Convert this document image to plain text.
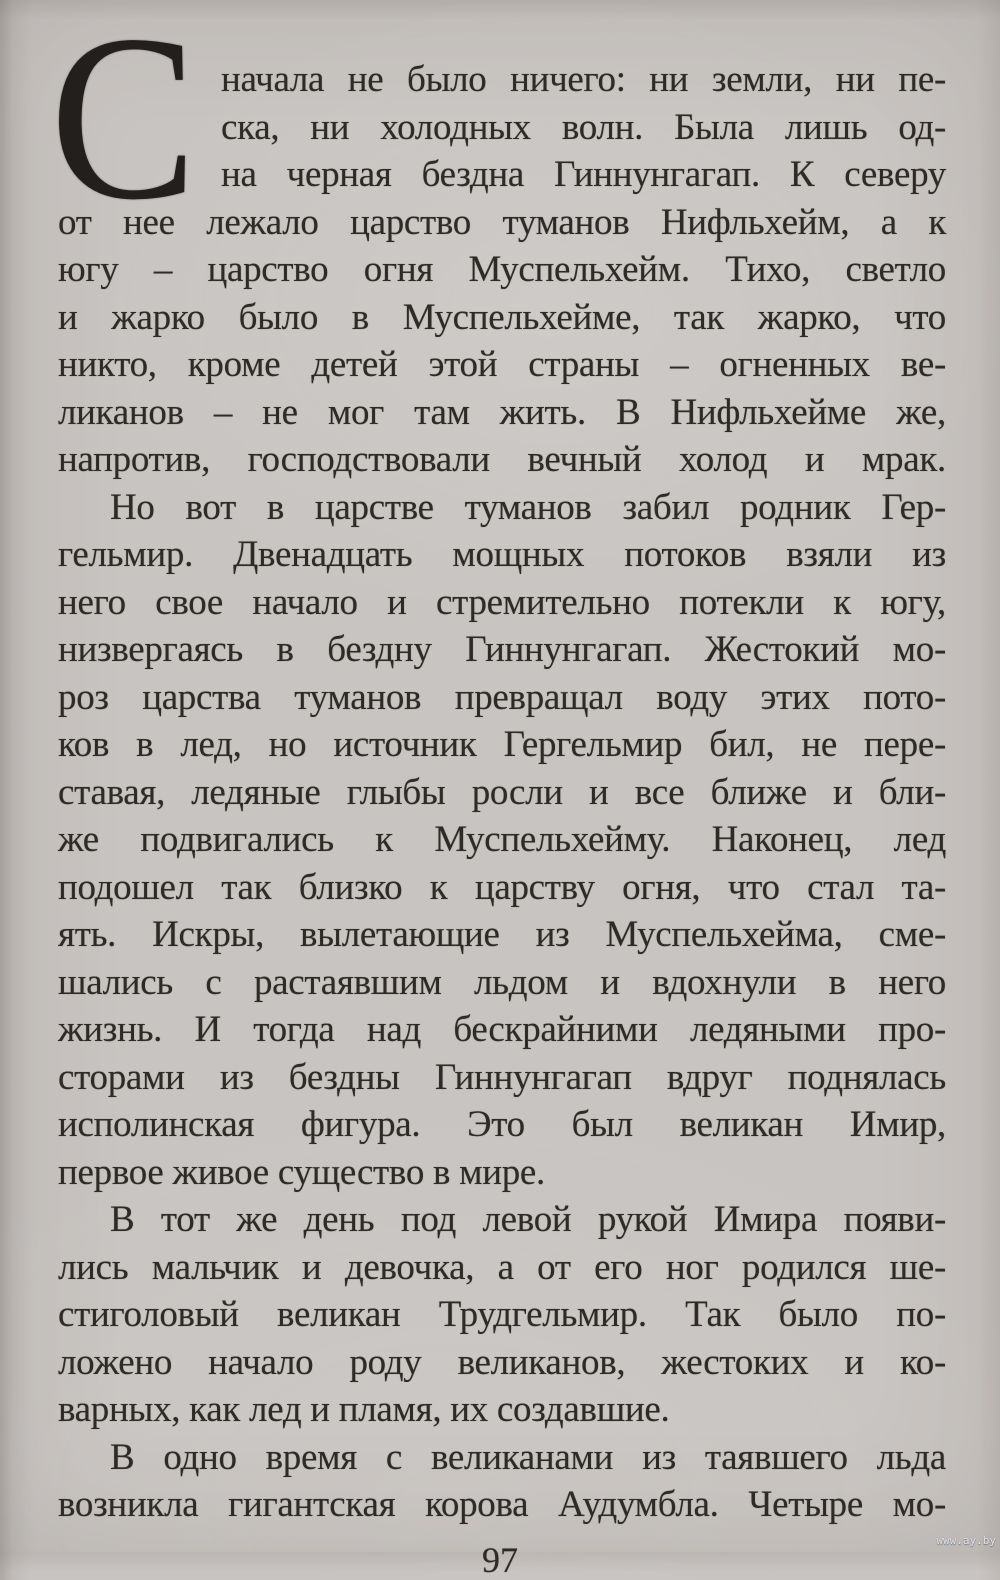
С начала не было ничего: ни земли, ни пе-
ска, ни холодных волн. Была лишь од-
на черная бездна Гиннунгагап. К северу
от нее лежало царство туманов Нифльхейм, а к
югу – царство огня Муспельхейм. Тихо, светло
и жарко было в Муспельхейме, так жарко, что
никто, кроме детей этой страны – огненных ве-
ликанов – не мог там жить. В Нифльхейме же,
напротив, господствовали вечный холод и мрак.
Но вот в царстве туманов забил родник Гер-
гельмир. Двенадцать мощных потоков взяли из
него свое начало и стремительно потекли к югу,
низвергаясь в бездну Гиннунгагап. Жестокий мо-
роз царства туманов превращал воду этих пото-
ков в лед, но источник Гергельмир бил, не пере-
ставая, ледяные глыбы росли и все ближе и бли-
же подвигались к Муспельхейму. Наконец, лед
подошел так близко к царству огня, что стал та-
ять. Искры, вылетающие из Муспельхейма, сме-
шались с растаявшим льдом и вдохнули в него
жизнь. И тогда над бескрайними ледяными про-
сторами из бездны Гиннунгагап вдруг поднялась
исполинская фигура. Это был великан Имир,
первое живое существо в мире.
В тот же день под левой рукой Имира появи-
лись мальчик и девочка, а от его ног родился ше-
стиголовый великан Трудгельмир. Так было по-
ложено начало роду великанов, жестоких и ко-
варных, как лед и пламя, их создавшие.
В одно время с великанами из таявшего льда
возникла гигантская корова Аудумбла. Четыре мо-
97	www.ay.by
